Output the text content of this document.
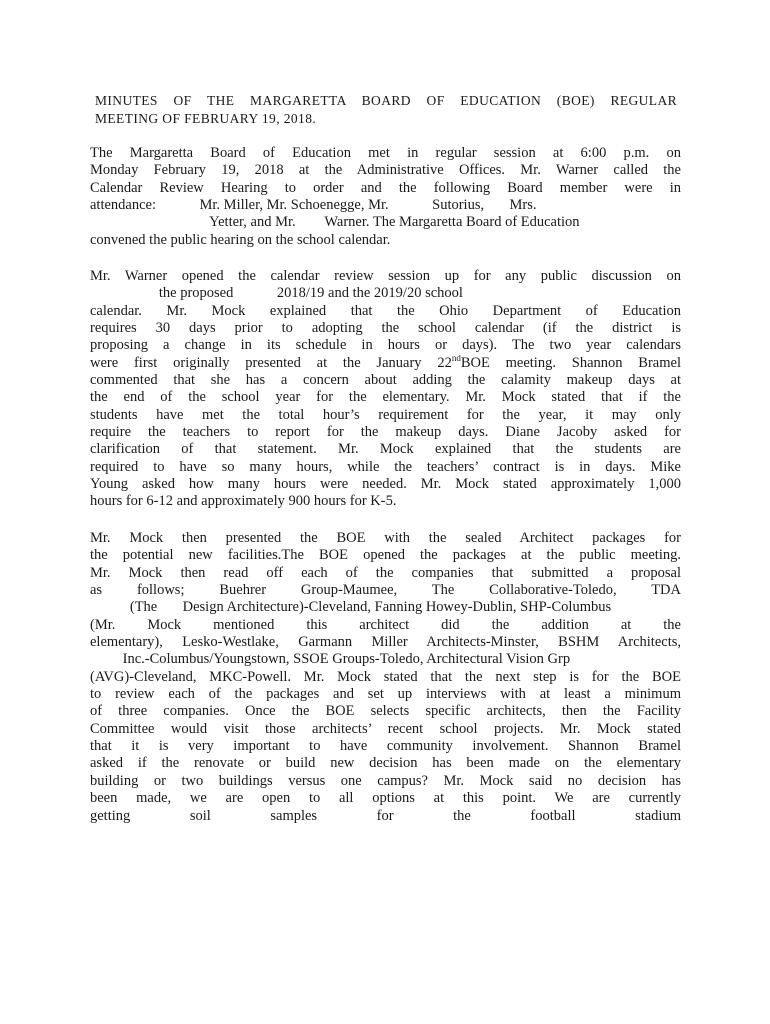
MINUTES OF THE MARGARETTA BOARD OF EDUCATION (BOE) REGULAR
MEETING OF FEBRUARY 19, 2018.
The Margaretta Board of Education met in regular session at 6:00 p.m. on
Monday February 19, 2018 at the Administrative Offices. Mr. Warner called the
Calendar Review Hearing to order and the following Board member were in
attendance:            Mr. Miller, Mr. Schoenegge, Mr.            Sutorius,       Mrs.
Yetter, and Mr.        Warner. The Margaretta Board of Education
convened the public hearing on the school calendar.
Mr. Warner opened the calendar review session up for any public discussion on
the proposed            2018/19 and the 2019/20 school
calendar. Mr. Mock explained that the Ohio Department of Education
requires 30 days prior to adopting the school calendar (if the district is
proposing a change in its schedule in hours or days). The two year calendars
were first originally presented at the January 22ndBOE meeting. Shannon Bramel
commented that she has a concern about adding the calamity makeup days at
the end of the school year for the elementary. Mr. Mock stated that if the
students have met the total hour’s requirement for the year, it may only
require the teachers to report for the makeup days. Diane Jacoby asked for
clarification of that statement. Mr. Mock explained that the students are
required to have so many hours, while the teachers’ contract is in days. Mike
Young asked how many hours were needed. Mr. Mock stated approximately 1,000
hours for 6-12 and approximately 900 hours for K-5.
Mr. Mock then presented the BOE with the sealed Architect packages for
the potential new facilities.The BOE opened the packages at the public meeting.
Mr. Mock then read off each of the companies that submitted a proposal
as follows; Buehrer Group-Maumee, The Collaborative-Toledo, TDA
(The       Design Architecture)-Cleveland, Fanning Howey-Dublin, SHP-Columbus
(Mr. Mock mentioned this architect did the addition at the
elementary), Lesko-Westlake, Garmann Miller Architects-Minster, BSHM Architects,
Inc.-Columbus/Youngstown, SSOE Groups-Toledo, Architectural Vision Grp
(AVG)-Cleveland, MKC-Powell. Mr. Mock stated that the next step is for the BOE
to review each of the packages and set up interviews with at least a minimum
of three companies. Once the BOE selects specific architects, then the Facility
Committee would visit those architects’ recent school projects. Mr. Mock stated
that it is very important to have community involvement. Shannon Bramel
asked if the renovate or build new decision has been made on the elementary
building or two buildings versus one campus? Mr. Mock said no decision has
been made, we are open to all options at this point. We are currently
getting soil samples for the football stadium
